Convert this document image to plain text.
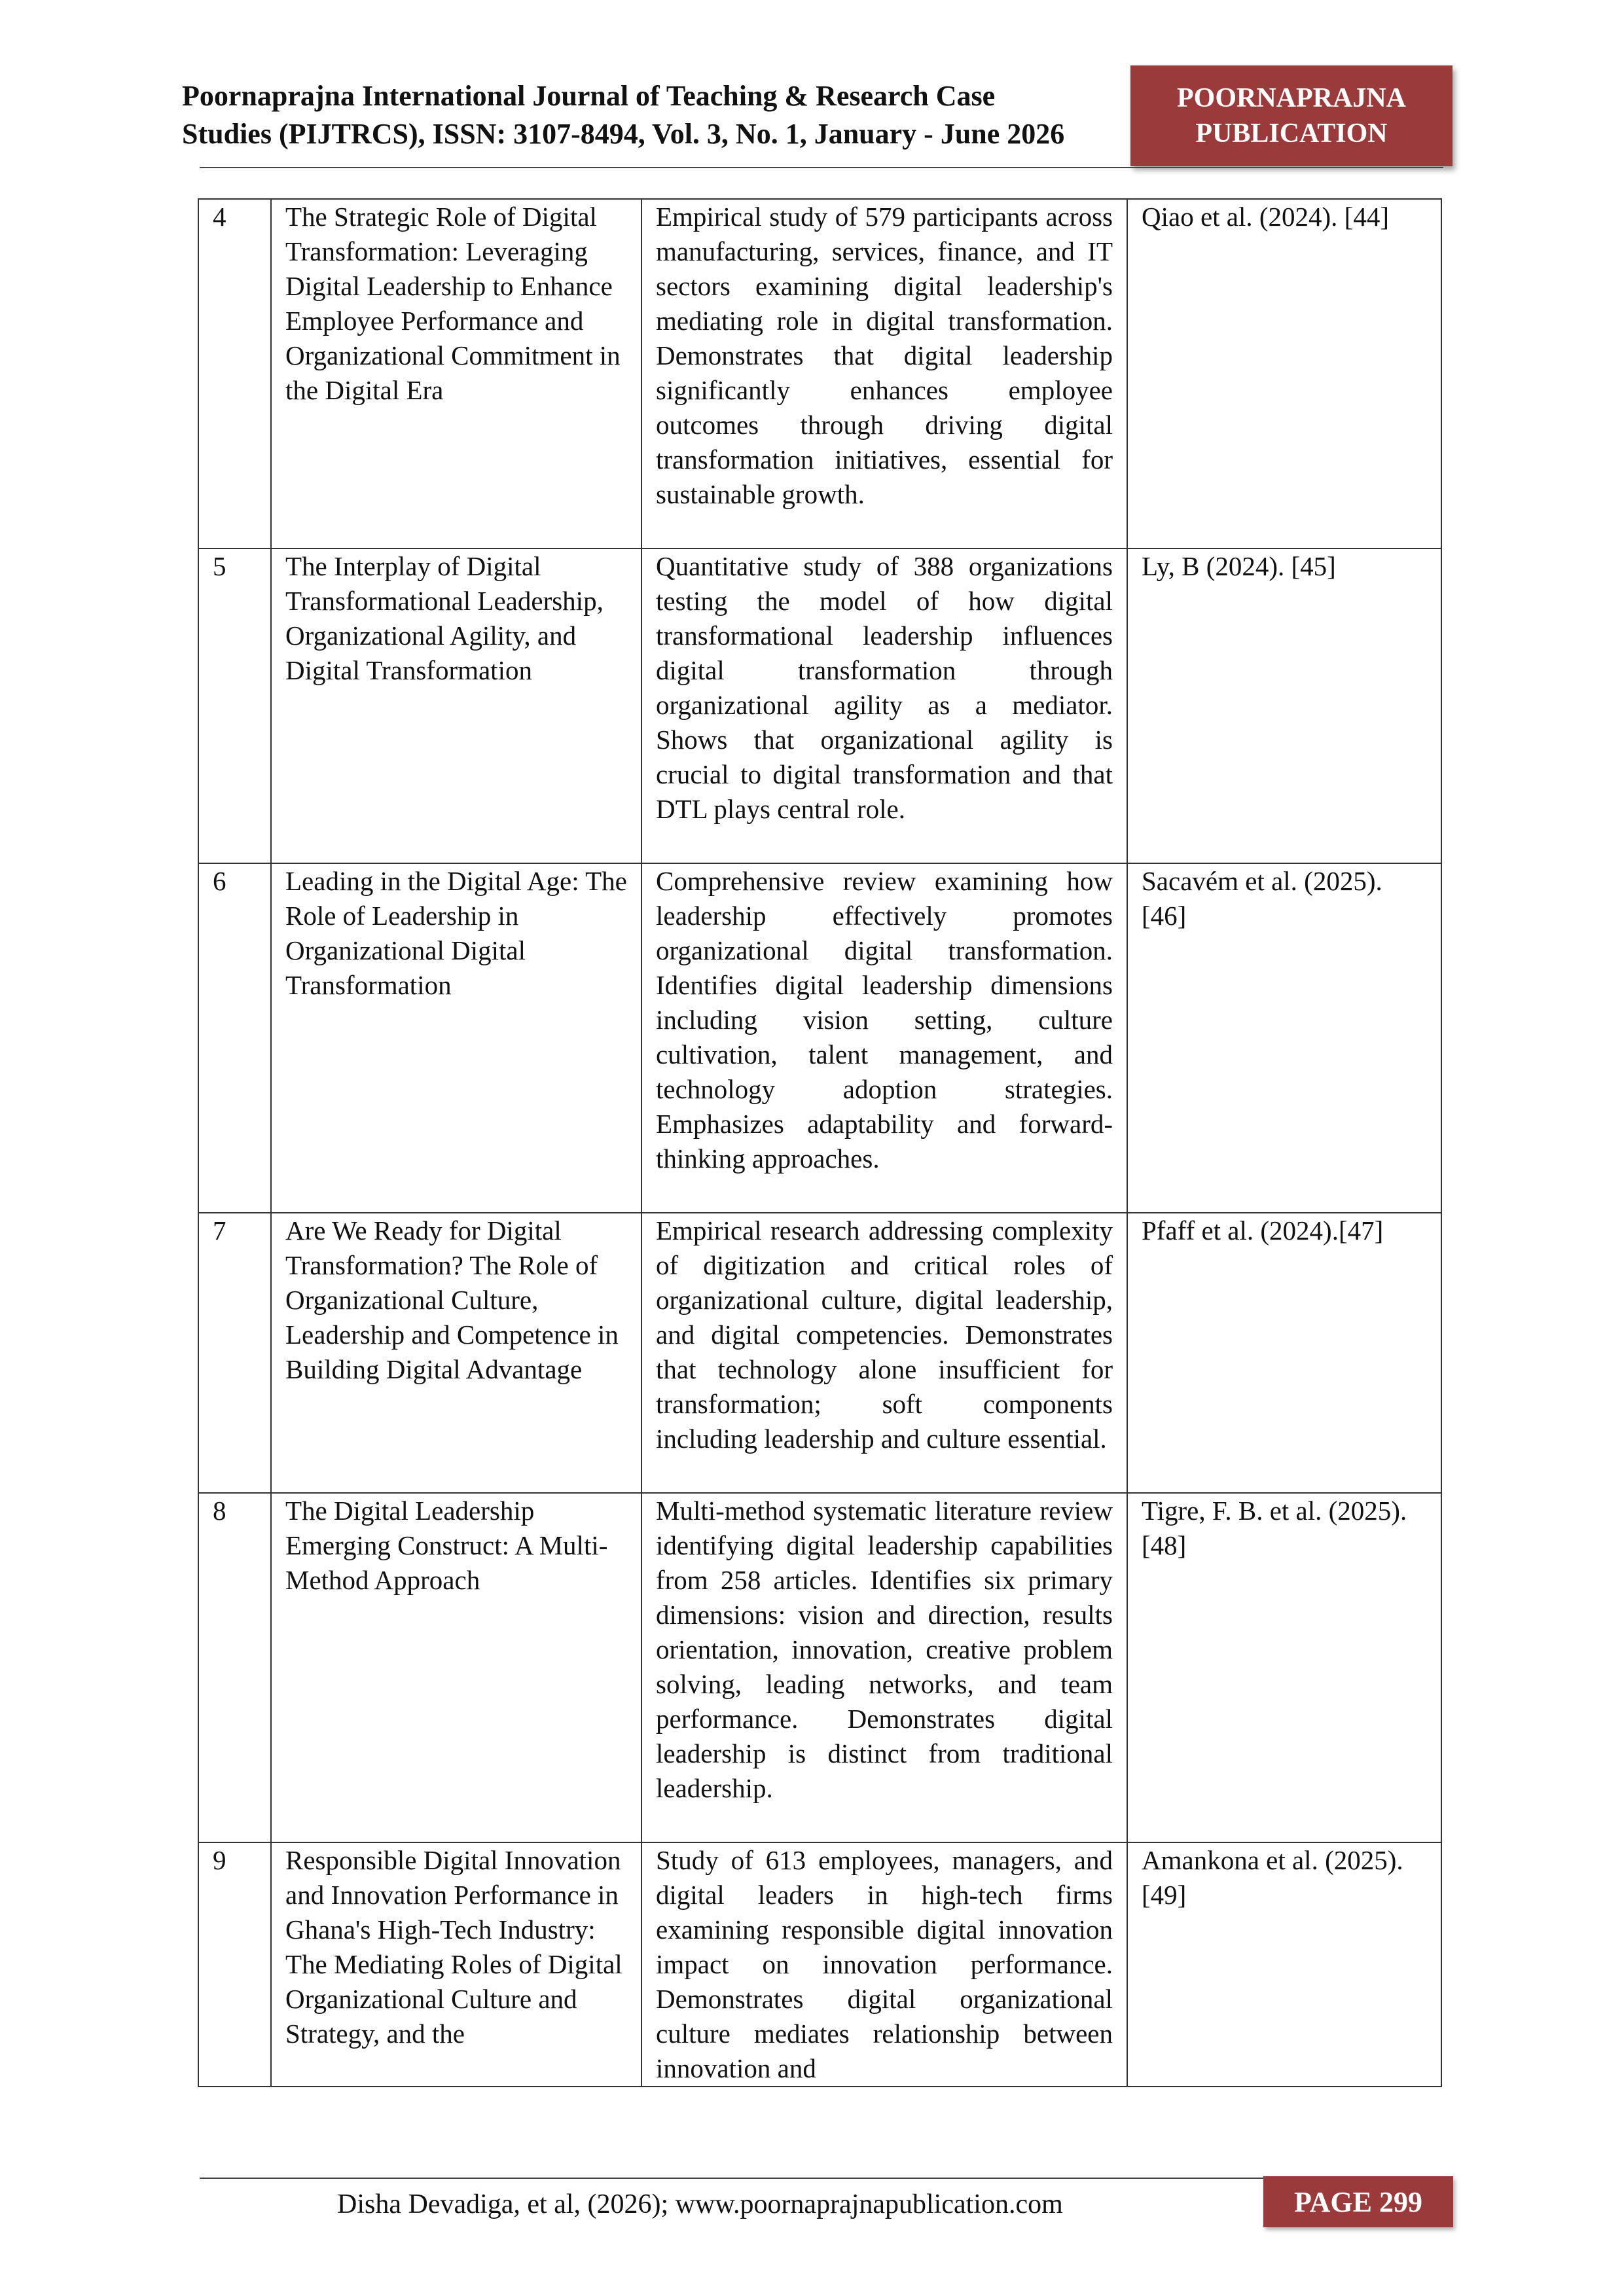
Poornaprajna International Journal of Teaching & Research Case
Studies (PIJTRCS), ISSN: 3107-8494, Vol. 3, No. 1, January - June 2026
POORNAPRAJNA
PUBLICATION
4	The Strategic Role of Digital Transformation: Leveraging Digital Leadership to Enhance Employee Performance and Organizational Commitment in the Digital Era	Empirical study of 579 participants across manufacturing, services, finance, and IT sectors examining digital leadership's mediating role in digital transformation. Demonstrates that digital leadership significantly enhances employee outcomes through driving digital transformation initiatives, essential for sustainable growth.	Qiao et al. (2024). [44]
5	The Interplay of Digital Transformational Leadership, Organizational Agility, and Digital Transformation	Quantitative study of 388 organizations testing the model of how digital transformational leadership influences digital transformation through organizational agility as a mediator. Shows that organizational agility is crucial to digital transformation and that DTL plays central role.	Ly, B (2024). [45]
6	Leading in the Digital Age: The Role of Leadership in Organizational Digital Transformation	Comprehensive review examining how leadership effectively promotes organizational digital transformation. Identifies digital leadership dimensions including vision setting, culture cultivation, talent management, and technology adoption strategies. Emphasizes adaptability and forward-thinking approaches.	Sacavém et al. (2025). [46]
7	Are We Ready for Digital Transformation? The Role of Organizational Culture, Leadership and Competence in Building Digital Advantage	Empirical research addressing complexity of digitization and critical roles of organizational culture, digital leadership, and digital competencies. Demonstrates that technology alone insufficient for transformation; soft components including leadership and culture essential.	Pfaff et al. (2024).[47]
8	The Digital Leadership Emerging Construct: A Multi-Method Approach	Multi-method systematic literature review identifying digital leadership capabilities from 258 articles. Identifies six primary dimensions: vision and direction, results orientation, innovation, creative problem solving, leading networks, and team performance. Demonstrates digital leadership is distinct from traditional leadership.	Tigre, F. B. et al. (2025). [48]
9	Responsible Digital Innovation and Innovation Performance in Ghana's High-Tech Industry: The Mediating Roles of Digital Organizational Culture and Strategy, and the	Study of 613 employees, managers, and digital leaders in high-tech firms examining responsible digital innovation impact on innovation performance. Demonstrates digital organizational culture mediates relationship between innovation and	Amankona et al. (2025). [49]
Disha Devadiga, et al, (2026); www.poornaprajnapublication.com	PAGE 299
